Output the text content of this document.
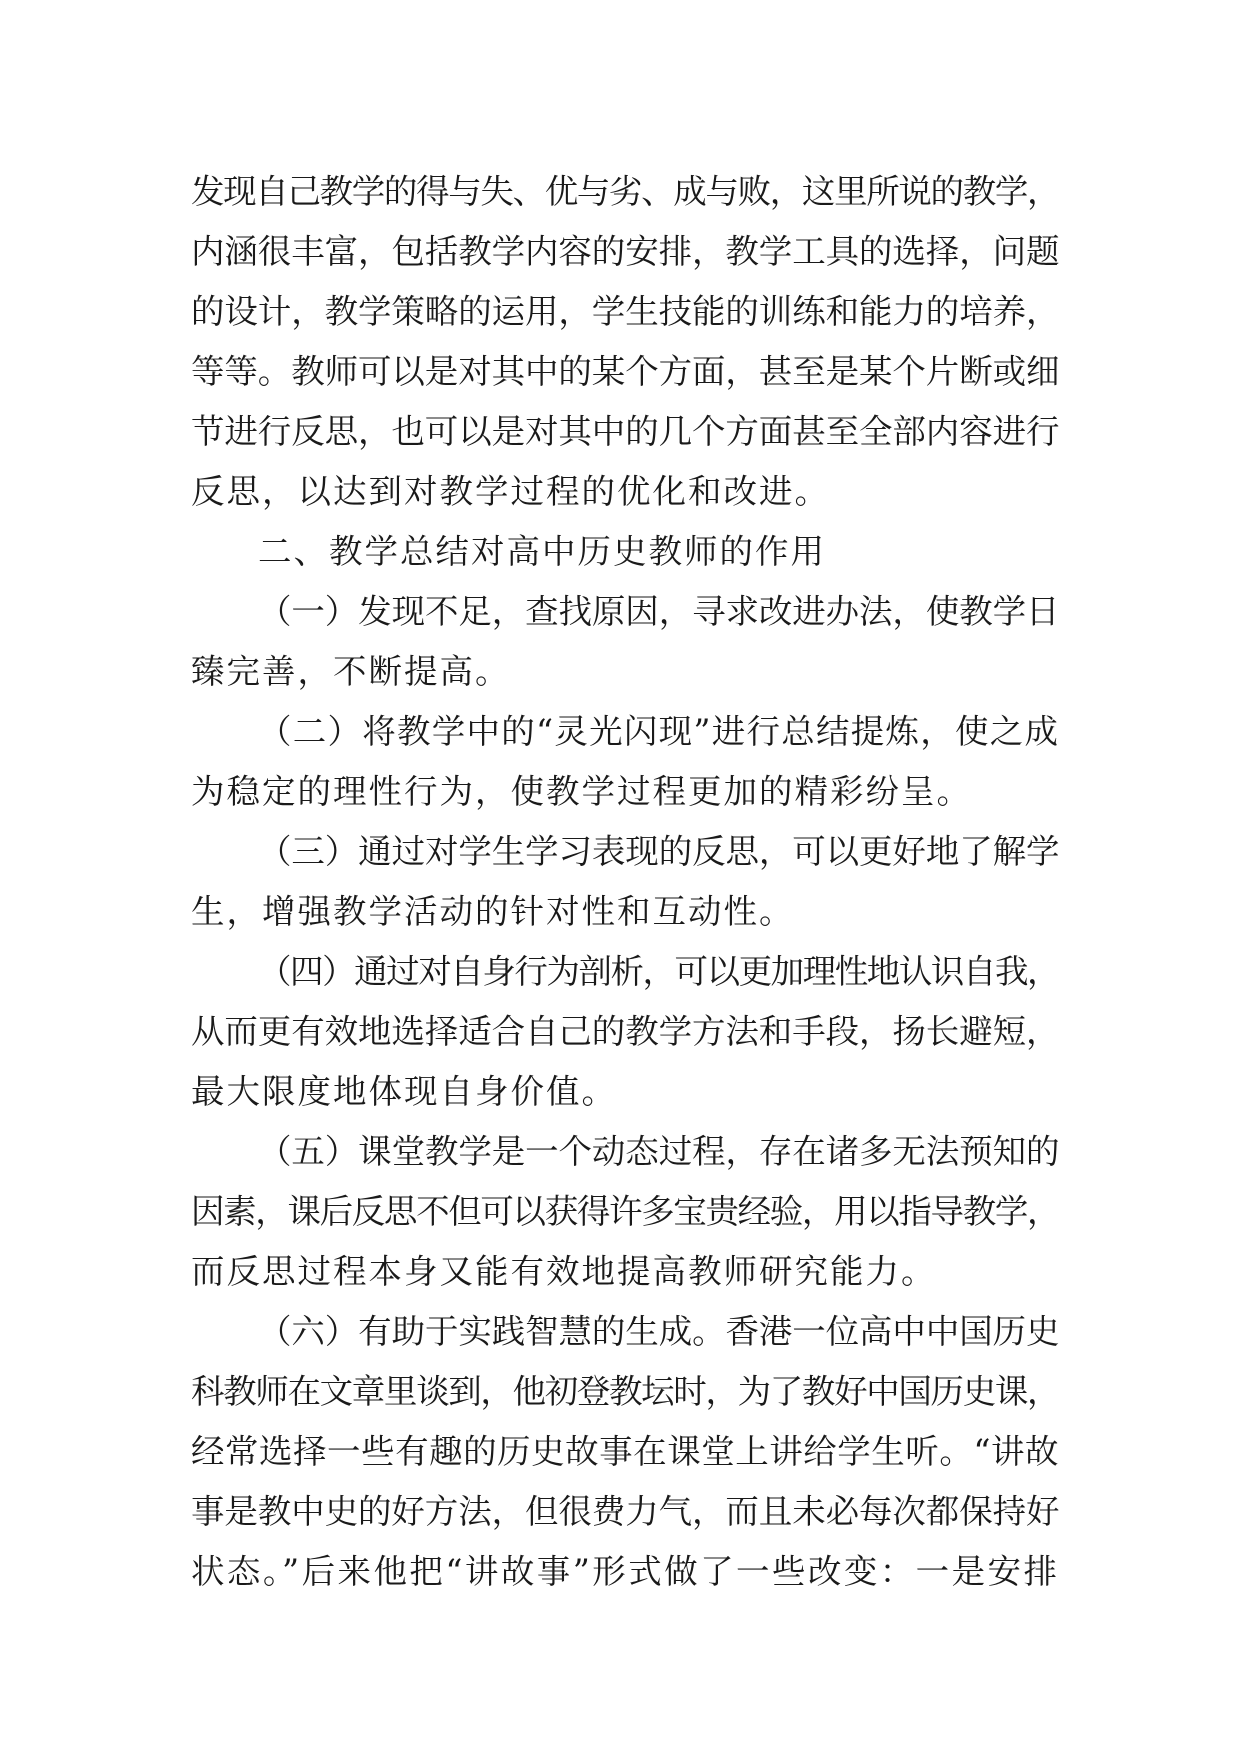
发现自己教学的得与失、优与劣、成与败，这里所说的教学，
内涵很丰富，包括教学内容的安排，教学工具的选择，问题
的设计，教学策略的运用，学生技能的训练和能力的培养，
等等。教师可以是对其中的某个方面，甚至是某个片断或细
节进行反思，也可以是对其中的几个方面甚至全部内容进行
反思，以达到对教学过程的优化和改进。
二、教学总结对高中历史教师的作用
（一）发现不足，查找原因，寻求改进办法，使教学日
臻完善，不断提高。
（二）将教学中的“灵光闪现”进行总结提炼，使之成
为稳定的理性行为，使教学过程更加的精彩纷呈。
（三）通过对学生学习表现的反思，可以更好地了解学
生，增强教学活动的针对性和互动性。
（四）通过对自身行为剖析，可以更加理性地认识自我，
从而更有效地选择适合自己的教学方法和手段，扬长避短，
最大限度地体现自身价值。
（五）课堂教学是一个动态过程，存在诸多无法预知的
因素，课后反思不但可以获得许多宝贵经验，用以指导教学，
而反思过程本身又能有效地提高教师研究能力。
（六）有助于实践智慧的生成。香港一位高中中国历史
科教师在文章里谈到，他初登教坛时，为了教好中国历史课，
经常选择一些有趣的历史故事在课堂上讲给学生听。“讲故
事是教中史的好方法，但很费力气，而且未必每次都保持好
状态。”后来他把“讲故事”形式做了一些改变：一是安排
